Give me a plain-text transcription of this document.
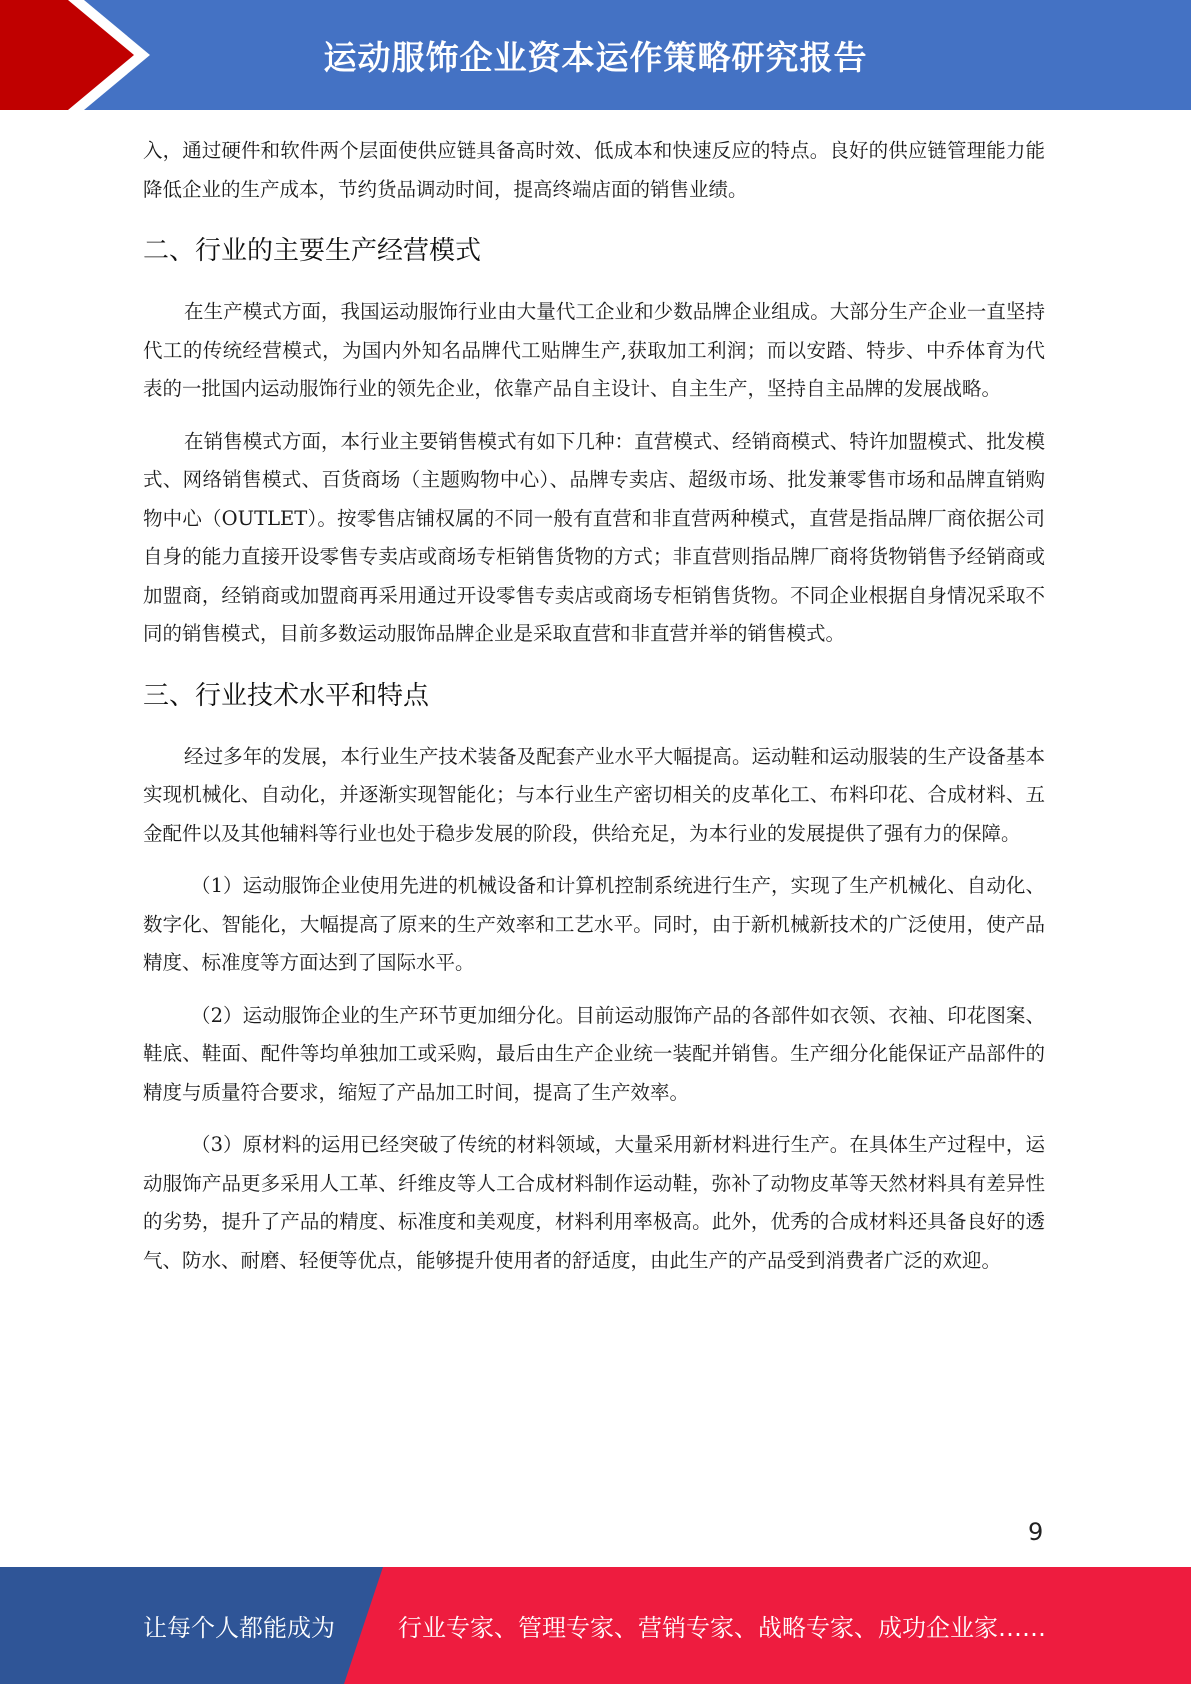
运动服饰企业资本运作策略研究报告

入，通过硬件和软件两个层面使供应链具备高时效、低成本和快速反应的特点。良好的供应链管理能力能降低企业的生产成本，节约货品调动时间，提高终端店面的销售业绩。

二、行业的主要生产经营模式

在生产模式方面，我国运动服饰行业由大量代工企业和少数品牌企业组成。大部分生产企业一直坚持代工的传统经营模式，为国内外知名品牌代工贴牌生产,获取加工利润；而以安踏、特步、中乔体育为代表的一批国内运动服饰行业的领先企业，依靠产品自主设计、自主生产，坚持自主品牌的发展战略。

在销售模式方面，本行业主要销售模式有如下几种：直营模式、经销商模式、特许加盟模式、批发模式、网络销售模式、百货商场（主题购物中心）、品牌专卖店、超级市场、批发兼零售市场和品牌直销购物中心（OUTLET）。按零售店铺权属的不同一般有直营和非直营两种模式，直营是指品牌厂商依据公司自身的能力直接开设零售专卖店或商场专柜销售货物的方式；非直营则指品牌厂商将货物销售予经销商或加盟商，经销商或加盟商再采用通过开设零售专卖店或商场专柜销售货物。不同企业根据自身情况采取不同的销售模式，目前多数运动服饰品牌企业是采取直营和非直营并举的销售模式。

三、行业技术水平和特点

经过多年的发展，本行业生产技术装备及配套产业水平大幅提高。运动鞋和运动服装的生产设备基本实现机械化、自动化，并逐渐实现智能化；与本行业生产密切相关的皮革化工、布料印花、合成材料、五金配件以及其他辅料等行业也处于稳步发展的阶段，供给充足，为本行业的发展提供了强有力的保障。

（1）运动服饰企业使用先进的机械设备和计算机控制系统进行生产，实现了生产机械化、自动化、数字化、智能化，大幅提高了原来的生产效率和工艺水平。同时，由于新机械新技术的广泛使用，使产品精度、标准度等方面达到了国际水平。

（2）运动服饰企业的生产环节更加细分化。目前运动服饰产品的各部件如衣领、衣袖、印花图案、鞋底、鞋面、配件等均单独加工或采购，最后由生产企业统一装配并销售。生产细分化能保证产品部件的精度与质量符合要求，缩短了产品加工时间，提高了生产效率。

（3）原材料的运用已经突破了传统的材料领域，大量采用新材料进行生产。在具体生产过程中，运动服饰产品更多采用人工革、纤维皮等人工合成材料制作运动鞋，弥补了动物皮革等天然材料具有差异性的劣势，提升了产品的精度、标准度和美观度，材料利用率极高。此外，优秀的合成材料还具备良好的透气、防水、耐磨、轻便等优点，能够提升使用者的舒适度，由此生产的产品受到消费者广泛的欢迎。

9
让每个人都能成为	行业专家、管理专家、营销专家、战略专家、成功企业家……
